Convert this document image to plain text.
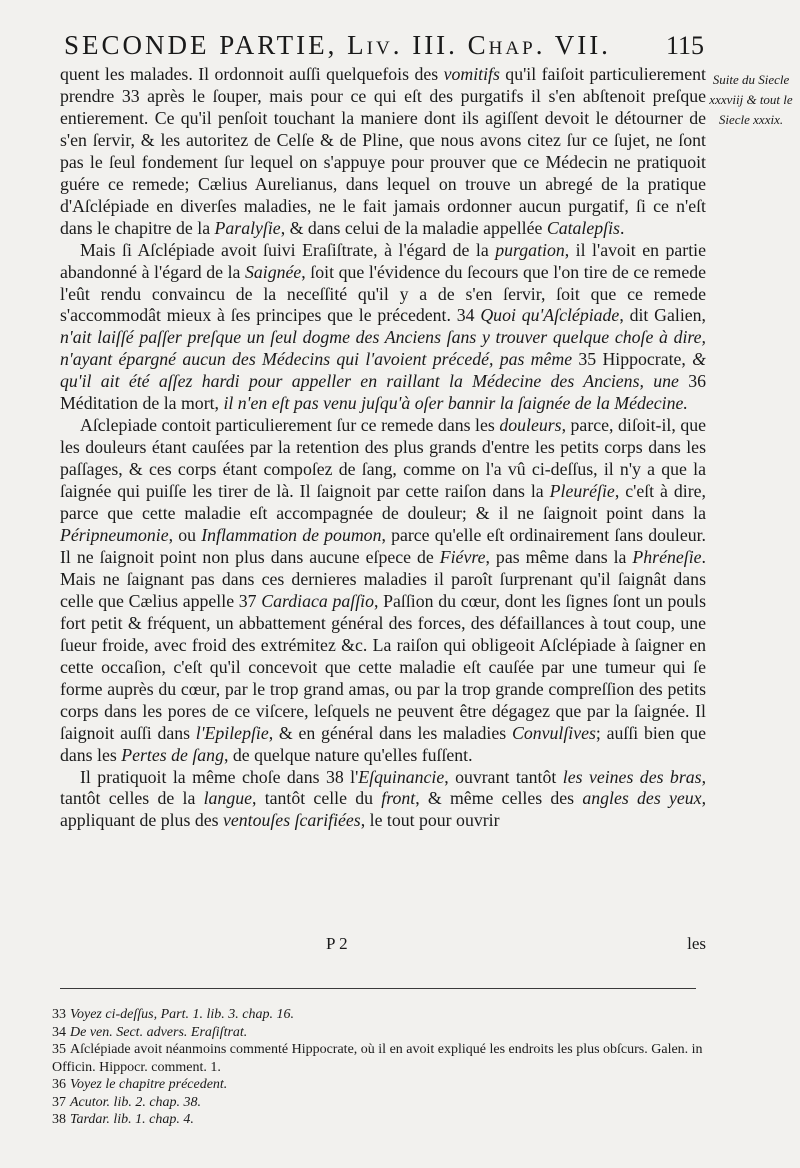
SECONDE PARTIE, Liv. III. Chap. VII. 115
Suite du Siecle xxxviij & tout le Siecle xxxix.

quent les malades. Il ordonnoit auſſi quelquefois des vomitifs qu'il faiſoit particulierement prendre 33 après le ſouper, mais pour ce qui eſt des purgatifs il s'en abſtenoit preſque entierement. Ce qu'il penſoit touchant la maniere dont ils agiſſent devoit le détourner de s'en ſervir, & les autoritez de Celſe & de Pline, que nous avons citez ſur ce ſujet, ne ſont pas le ſeul fondement ſur lequel on s'appuye pour prouver que ce Médecin ne pratiquoit guére ce remede; Cælius Aurelianus, dans lequel on trouve un abregé de la pratique d'Aſclépiade en diverſes maladies, ne le fait jamais ordonner aucun purgatif, ſi ce n'eſt dans le chapitre de la Paralyſie, & dans celui de la maladie appellée Catalepſis.

Mais ſi Aſclépiade avoit ſuivi Eraſiſtrate, à l'égard de la purgation, il l'avoit en partie abandonné à l'égard de la Saignée, ſoit que l'évidence du ſecours que l'on tire de ce remede l'eût rendu convaincu de la neceſſité qu'il y a de s'en ſervir, ſoit que ce remede s'accommodât mieux à ſes principes que le précedent. 34 Quoi qu'Aſclépiade, dit Galien, n'ait laiſſé paſſer preſque un ſeul dogme des Anciens ſans y trouver quelque choſe à dire, n'ayant épargné aucun des Médecins qui l'avoient précedé, pas même 35 Hippocrate, & qu'il ait été aſſez hardi pour appeller en raillant la Médecine des Anciens, une 36 Méditation de la mort, il n'en eſt pas venu juſqu'à oſer bannir la ſaignée de la Médecine.

Aſclepiade contoit particulierement ſur ce remede dans les douleurs, parce, diſoit-il, que les douleurs étant cauſées par la retention des plus grands d'entre les petits corps dans les paſſages, & ces corps étant compoſez de ſang, comme on l'a vû ci-deſſus, il n'y a que la ſaignée qui puiſſe les tirer de là. Il ſaignoit par cette raiſon dans la Pleuréſie, c'eſt à dire, parce que cette maladie eſt accompagnée de douleur; & il ne ſaignoit point dans la Péripneumonie, ou Inflammation de poumon, parce qu'elle eſt ordinairement ſans douleur. Il ne ſaignoit point non plus dans aucune eſpece de Fiévre, pas même dans la Phréneſie. Mais ne ſaignant pas dans ces dernieres maladies il paroît ſurprenant qu'il ſaignât dans celle que Cælius appelle 37 Cardiaca paſſio, Paſſion du cœur, dont les ſignes ſont un pouls fort petit & fréquent, un abbattement général des forces, des défaillances à tout coup, une ſueur froide, avec froid des extrémitez &c. La raiſon qui obligeoit Aſclépiade à ſaigner en cette occaſion, c'eſt qu'il concevoit que cette maladie eſt cauſée par une tumeur qui ſe forme auprès du cœur, par le trop grand amas, ou par la trop grande compreſſion des petits corps dans les pores de ce viſcere, leſquels ne peuvent être dégagez que par la ſaignée. Il ſaignoit auſſi dans l'Epilepſie, & en général dans les maladies Convulſives; auſſi bien que dans les Pertes de ſang, de quelque nature qu'elles fuſſent.

Il pratiquoit la même choſe dans 38 l'Eſquinancie, ouvrant tantôt les veines des bras, tantôt celles de la langue, tantôt celle du front, & même celles des angles des yeux, appliquant de plus des ventouſes ſcarifiées, le tout pour ouvrir

P 2	les

33 Voyez ci-deſſus, Part. 1. lib. 3. chap. 16.

34 De ven. Sect. advers. Eraſiſtrat.

35 Aſclépiade avoit néanmoins commenté Hippocrate, où il en avoit expliqué les endroits les plus obſcurs. Galen. in Officin. Hippocr. comment. 1.

36 Voyez le chapitre précedent.

37 Acutor. lib. 2. chap. 38.

38 Tardar. lib. 1. chap. 4.
